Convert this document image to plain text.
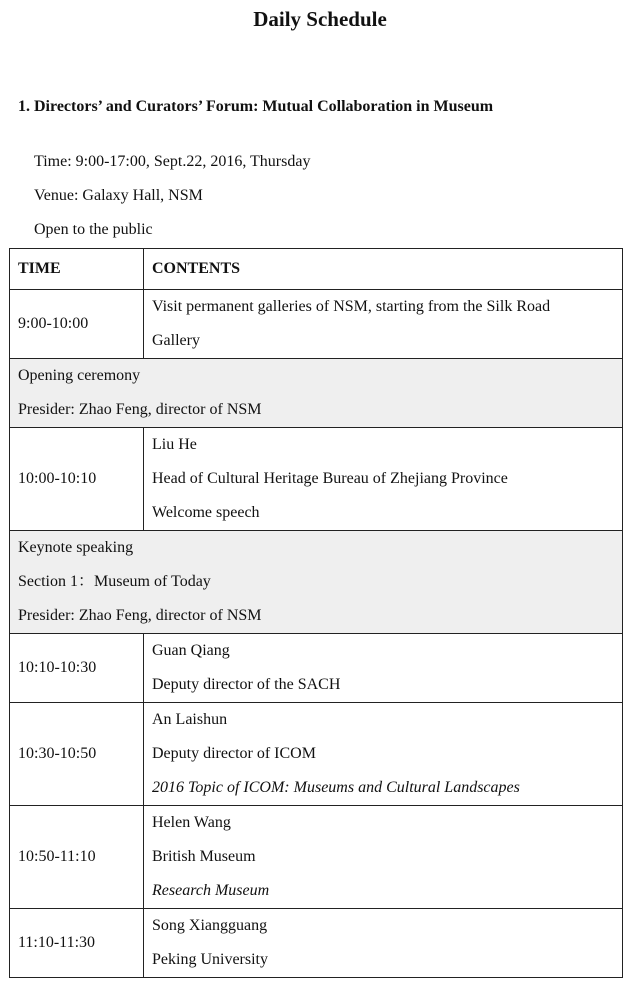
Daily Schedule
1. Directors’ and Curators’ Forum: Mutual Collaboration in Museum

Time: 9:00-17:00, Sept.22, 2016, Thursday

Venue: Galaxy Hall, NSM

Open to the public

TIME	CONTENTS
9:00-10:00	Visit permanent galleries of NSM, starting from the Silk Road
Gallery

Opening ceremony
Presider: Zhao Feng, director of NSM	

10:00-10:10	Liu He
Head of Cultural Heritage Bureau of Zhejiang Province
Welcome speech

Keynote speaking
Section 1：Museum of Today
Presider: Zhao Feng, director of NSM	

10:10-10:30	Guan Qiang
Deputy director of the SACH

10:30-10:50	An Laishun
Deputy director of ICOM
2016 Topic of ICOM: Museums and Cultural Landscapes

10:50-11:10	Helen Wang
British Museum
Research Museum

11:10-11:30	Song Xiangguang
Peking University
